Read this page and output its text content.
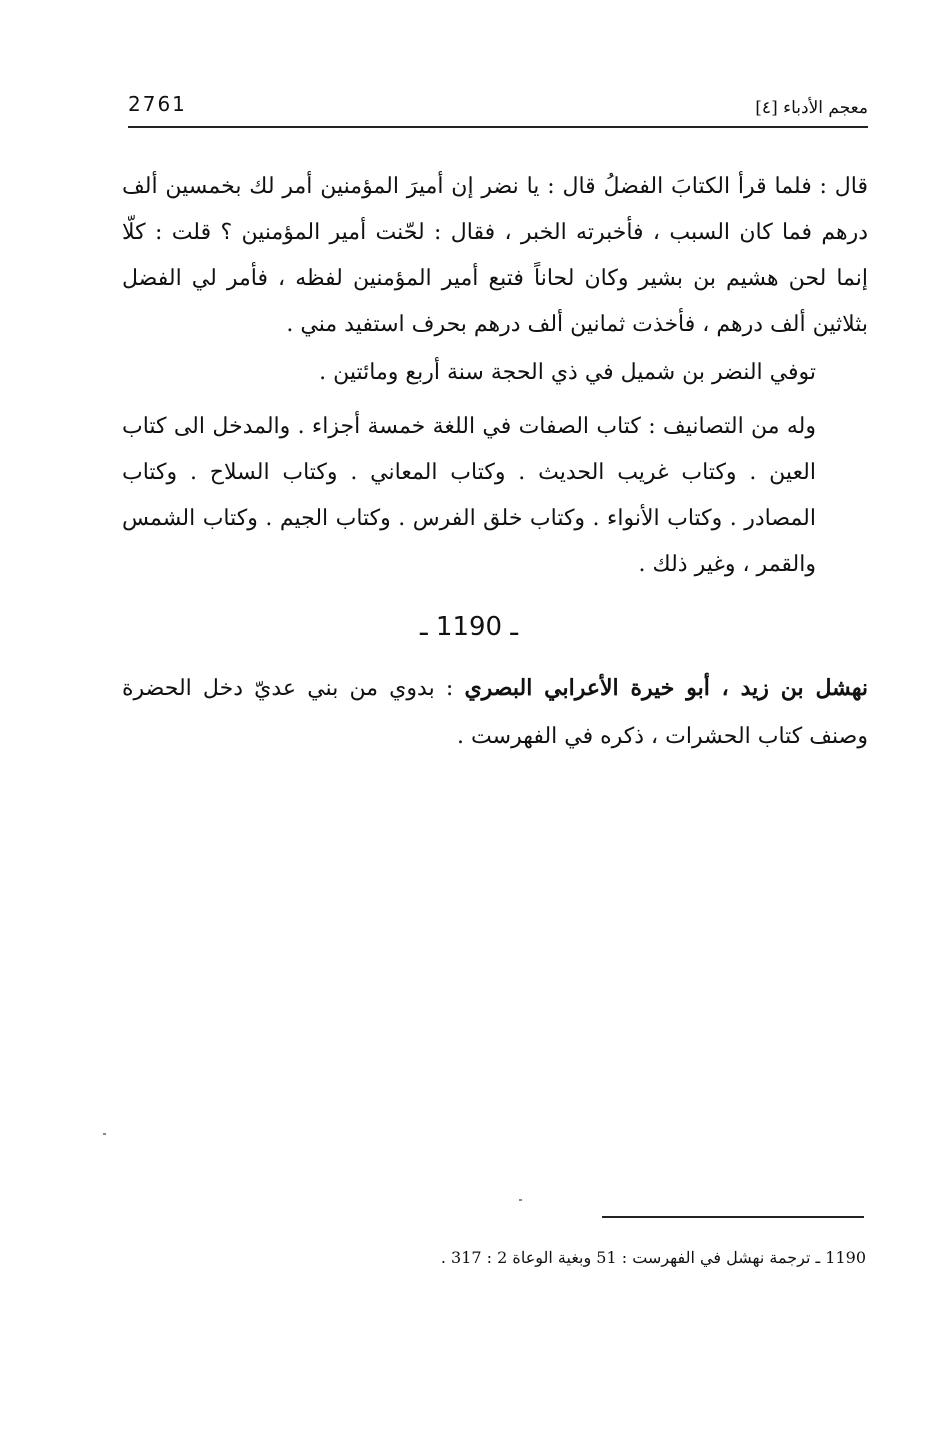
2761	معجم الأدباء [٤]

قال : فلما قرأ الكتابَ الفضلُ قال : يا نضر إن أميرَ المؤمنين أمر لك بخمسين ألف درهم فما كان السبب ، فأخبرته الخبر ، فقال : لحّنت أمير المؤمنين ؟ قلت : كلّا إنما لحن هشيم بن بشير وكان لحاناً فتبع أمير المؤمنين لفظه ، فأمر لي الفضل بثلاثين ألف درهم ، فأخذت ثمانين ألف درهم بحرف استفيد مني .

توفي النضر بن شميل في ذي الحجة سنة أربع ومائتين .

وله من التصانيف : كتاب الصفات في اللغة خمسة أجزاء . والمدخل الى كتاب العين . وكتاب غريب الحديث . وكتاب المعاني . وكتاب السلاح . وكتاب المصادر . وكتاب الأنواء . وكتاب خلق الفرس . وكتاب الجيم . وكتاب الشمس والقمر ، وغير ذلك .

ـ 1190 ـ

نهشل بن زيد ، أبو خيرة الأعرابي البصري : بدوي من بني عديّ دخل الحضرة وصنف كتاب الحشرات ، ذكره في الفهرست .

1190 ـ ترجمة نهشل في الفهرست : 51 وبغية الوعاة 2 : 317 .
